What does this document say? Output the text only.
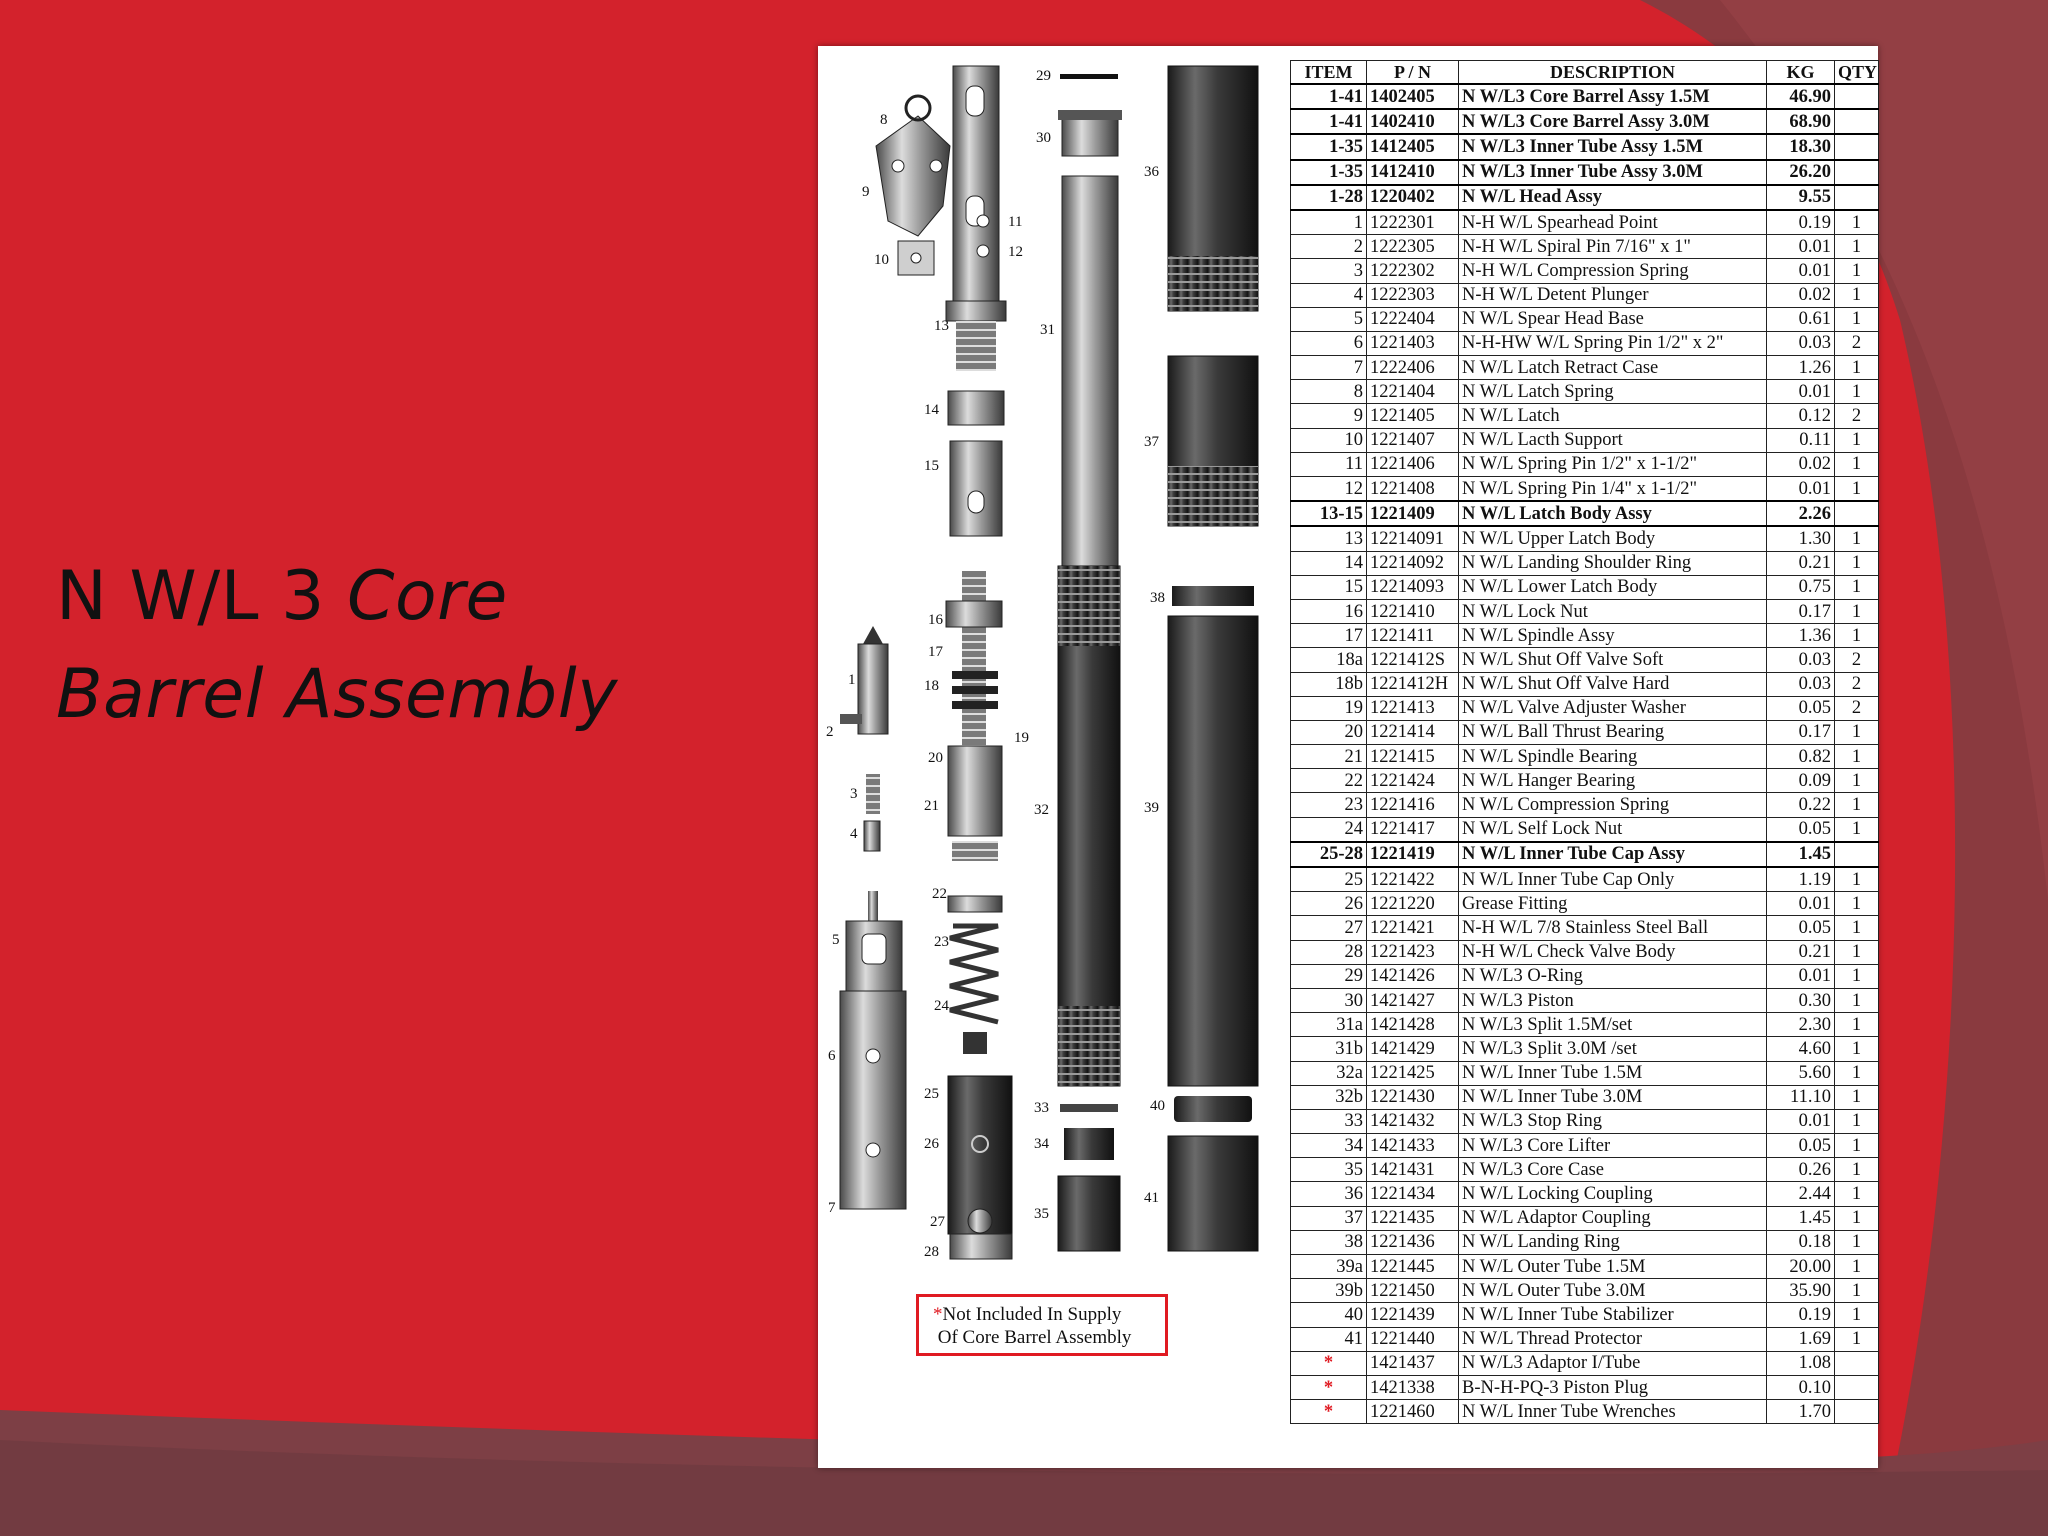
N W/L 3 Core
Barrel Assembly
8
9
10
11
12
13
14
15
16
17
18
19
20
21
22
23
24
25
26
27
28
1
2
3
4
5
6
7
29
30
31
32
33
34
35
36
37
38
39
40
41
*Not Included In Supply
Of Core Barrel Assembly
ITEM	P / N	DESCRIPTION	KG	QTY
1-41	1402405	N W/L3 Core Barrel Assy 1.5M	46.90	
1-41	1402410	N W/L3 Core Barrel Assy 3.0M	68.90	
1-35	1412405	N W/L3 Inner Tube Assy 1.5M	18.30	
1-35	1412410	N W/L3 Inner Tube Assy 3.0M	26.20	
1-28	1220402	N W/L Head Assy	9.55	
1	1222301	N-H W/L Spearhead Point	0.19	1
2	1222305	N-H W/L Spiral Pin 7/16" x 1"	0.01	1
3	1222302	N-H W/L Compression Spring	0.01	1
4	1222303	N-H W/L Detent Plunger	0.02	1
5	1222404	N W/L Spear Head Base	0.61	1
6	1221403	N-H-HW W/L Spring Pin 1/2" x 2"	0.03	2
7	1222406	N W/L Latch Retract Case	1.26	1
8	1221404	N W/L Latch Spring	0.01	1
9	1221405	N W/L Latch	0.12	2
10	1221407	N W/L Lacth Support	0.11	1
11	1221406	N W/L Spring Pin 1/2" x 1-1/2"	0.02	1
12	1221408	N W/L Spring Pin 1/4" x 1-1/2"	0.01	1
13-15	1221409	N W/L Latch Body Assy	2.26	
13	12214091	N W/L Upper Latch Body	1.30	1
14	12214092	N W/L Landing Shoulder Ring	0.21	1
15	12214093	N W/L Lower Latch Body	0.75	1
16	1221410	N W/L Lock Nut	0.17	1
17	1221411	N W/L Spindle Assy	1.36	1
18a	1221412S	N W/L Shut Off Valve Soft	0.03	2
18b	1221412H	N W/L Shut Off Valve Hard	0.03	2
19	1221413	N W/L Valve Adjuster Washer	0.05	2
20	1221414	N W/L Ball Thrust Bearing	0.17	1
21	1221415	N W/L Spindle Bearing	0.82	1
22	1221424	N W/L Hanger Bearing	0.09	1
23	1221416	N W/L Compression Spring	0.22	1
24	1221417	N W/L Self Lock Nut	0.05	1
25-28	1221419	N W/L Inner Tube Cap Assy	1.45	
25	1221422	N W/L Inner Tube Cap Only	1.19	1
26	1221220	Grease Fitting	0.01	1
27	1221421	N-H W/L 7/8 Stainless Steel Ball	0.05	1
28	1221423	N-H W/L Check Valve Body	0.21	1
29	1421426	N W/L3 O-Ring	0.01	1
30	1421427	N W/L3 Piston	0.30	1
31a	1421428	N W/L3 Split 1.5M/set	2.30	1
31b	1421429	N W/L3 Split 3.0M /set	4.60	1
32a	1221425	N W/L Inner Tube 1.5M	5.60	1
32b	1221430	N W/L Inner Tube 3.0M	11.10	1
33	1421432	N W/L3 Stop Ring	0.01	1
34	1421433	N W/L3 Core Lifter	0.05	1
35	1421431	N W/L3 Core Case	0.26	1
36	1221434	N W/L Locking Coupling	2.44	1
37	1221435	N W/L Adaptor Coupling	1.45	1
38	1221436	N W/L Landing Ring	0.18	1
39a	1221445	N W/L Outer Tube 1.5M	20.00	1
39b	1221450	N W/L Outer Tube 3.0M	35.90	1
40	1221439	N W/L Inner Tube Stabilizer	0.19	1
41	1221440	N W/L Thread Protector	1.69	1
*	1421437	N W/L3 Adaptor I/Tube	1.08	
*	1421338	B-N-H-PQ-3 Piston Plug	0.10	
*	1221460	N W/L Inner Tube Wrenches	1.70	
